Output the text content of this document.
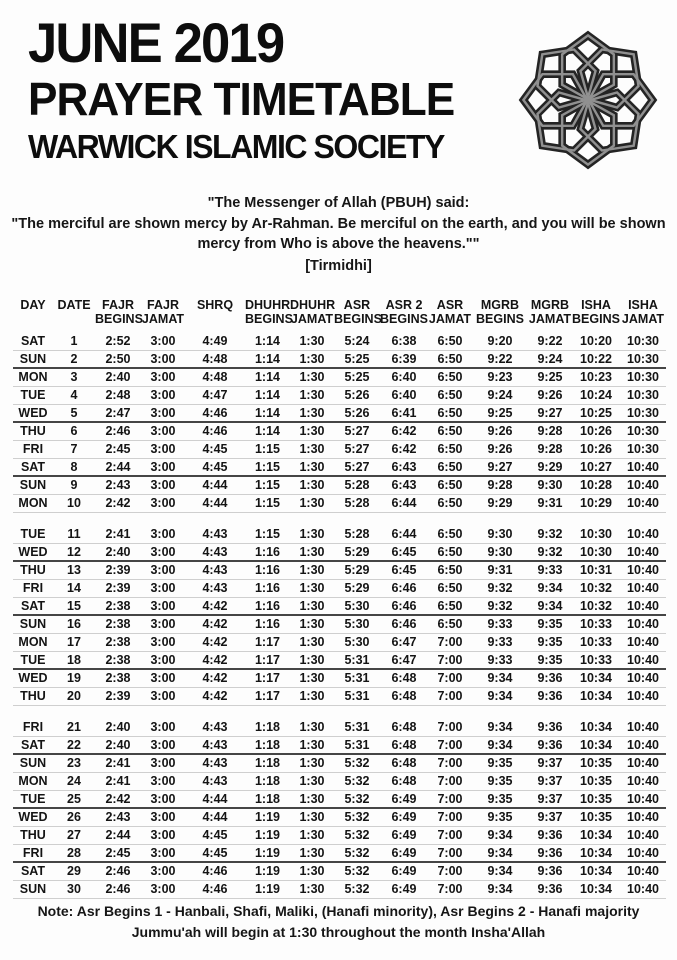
JUNE 2019
PRAYER TIMETABLE
WARWICK ISLAMIC SOCIETY
"The Messenger of Allah (PBUH) said:
"The merciful are shown mercy by Ar-Rahman. Be merciful on the earth, and you will be shown
mercy from Who is above the heavens.""
[Tirmidhi]
DAY	DATE	FAJR	FAJR	SHRQ	DHUHR	DHUHR	ASR	ASR 2	ASR	MGRB	MGRB	ISHA	ISHA
		BEGINS	JAMAT		BEGINS	JAMAT	BEGINS	BEGINS	JAMAT	BEGINS	JAMAT	BEGINS	JAMAT
SAT	1	2:52	3:00	4:49	1:14	1:30	5:24	6:38	6:50	9:20	9:22	10:20	10:30
SUN	2	2:50	3:00	4:48	1:14	1:30	5:25	6:39	6:50	9:22	9:24	10:22	10:30
MON	3	2:40	3:00	4:48	1:14	1:30	5:25	6:40	6:50	9:23	9:25	10:23	10:30
TUE	4	2:48	3:00	4:47	1:14	1:30	5:26	6:40	6:50	9:24	9:26	10:24	10:30
WED	5	2:47	3:00	4:46	1:14	1:30	5:26	6:41	6:50	9:25	9:27	10:25	10:30
THU	6	2:46	3:00	4:46	1:14	1:30	5:27	6:42	6:50	9:26	9:28	10:26	10:30
FRI	7	2:45	3:00	4:45	1:15	1:30	5:27	6:42	6:50	9:26	9:28	10:26	10:30
SAT	8	2:44	3:00	4:45	1:15	1:30	5:27	6:43	6:50	9:27	9:29	10:27	10:40
SUN	9	2:43	3:00	4:44	1:15	1:30	5:28	6:43	6:50	9:28	9:30	10:28	10:40
MON	10	2:42	3:00	4:44	1:15	1:30	5:28	6:44	6:50	9:29	9:31	10:29	10:40

TUE	11	2:41	3:00	4:43	1:15	1:30	5:28	6:44	6:50	9:30	9:32	10:30	10:40
WED	12	2:40	3:00	4:43	1:16	1:30	5:29	6:45	6:50	9:30	9:32	10:30	10:40
THU	13	2:39	3:00	4:43	1:16	1:30	5:29	6:45	6:50	9:31	9:33	10:31	10:40
FRI	14	2:39	3:00	4:43	1:16	1:30	5:29	6:46	6:50	9:32	9:34	10:32	10:40
SAT	15	2:38	3:00	4:42	1:16	1:30	5:30	6:46	6:50	9:32	9:34	10:32	10:40
SUN	16	2:38	3:00	4:42	1:16	1:30	5:30	6:46	6:50	9:33	9:35	10:33	10:40
MON	17	2:38	3:00	4:42	1:17	1:30	5:30	6:47	7:00	9:33	9:35	10:33	10:40
TUE	18	2:38	3:00	4:42	1:17	1:30	5:31	6:47	7:00	9:33	9:35	10:33	10:40
WED	19	2:38	3:00	4:42	1:17	1:30	5:31	6:48	7:00	9:34	9:36	10:34	10:40
THU	20	2:39	3:00	4:42	1:17	1:30	5:31	6:48	7:00	9:34	9:36	10:34	10:40

FRI	21	2:40	3:00	4:43	1:18	1:30	5:31	6:48	7:00	9:34	9:36	10:34	10:40
SAT	22	2:40	3:00	4:43	1:18	1:30	5:31	6:48	7:00	9:34	9:36	10:34	10:40
SUN	23	2:41	3:00	4:43	1:18	1:30	5:32	6:48	7:00	9:35	9:37	10:35	10:40
MON	24	2:41	3:00	4:43	1:18	1:30	5:32	6:48	7:00	9:35	9:37	10:35	10:40
TUE	25	2:42	3:00	4:44	1:18	1:30	5:32	6:49	7:00	9:35	9:37	10:35	10:40
WED	26	2:43	3:00	4:44	1:19	1:30	5:32	6:49	7:00	9:35	9:37	10:35	10:40
THU	27	2:44	3:00	4:45	1:19	1:30	5:32	6:49	7:00	9:34	9:36	10:34	10:40
FRI	28	2:45	3:00	4:45	1:19	1:30	5:32	6:49	7:00	9:34	9:36	10:34	10:40
SAT	29	2:46	3:00	4:46	1:19	1:30	5:32	6:49	7:00	9:34	9:36	10:34	10:40
SUN	30	2:46	3:00	4:46	1:19	1:30	5:32	6:49	7:00	9:34	9:36	10:34	10:40
Note: Asr Begins 1 - Hanbali, Shafi, Maliki, (Hanafi minority), Asr Begins 2 - Hanafi majority
Jummu'ah will begin at 1:30 throughout the month Insha'Allah
